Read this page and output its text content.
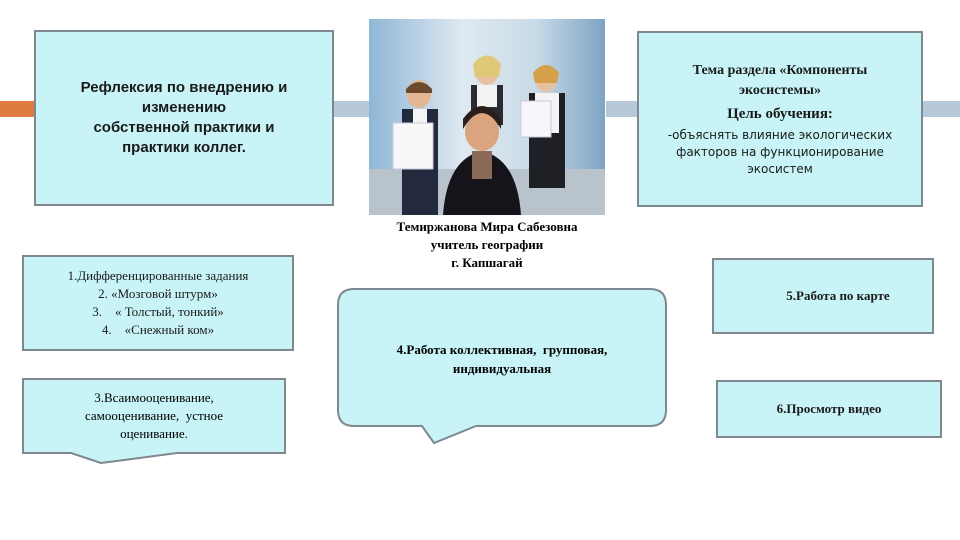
Рефлексия по внедрению и
изменению
собственной практики и
практики коллег.
Темиржанова Мира Сабезовна
учитель географии
г. Капшагай
Тема раздела «Компоненты
экосистемы»
Цель обучения:
-объяснять влияние экологических
факторов на функционирование
экосистем
1.Дифференцированные задания
2. «Мозговой штурм»
3.    « Толстый, тонкий»
4.    «Снежный ком»
4.Работа коллективная,  групповая,
индивидуальная
3.Всаимооценивание,
самооценивание,  устное
оценивание.
5.Работа по карте
6.Просмотр видео
